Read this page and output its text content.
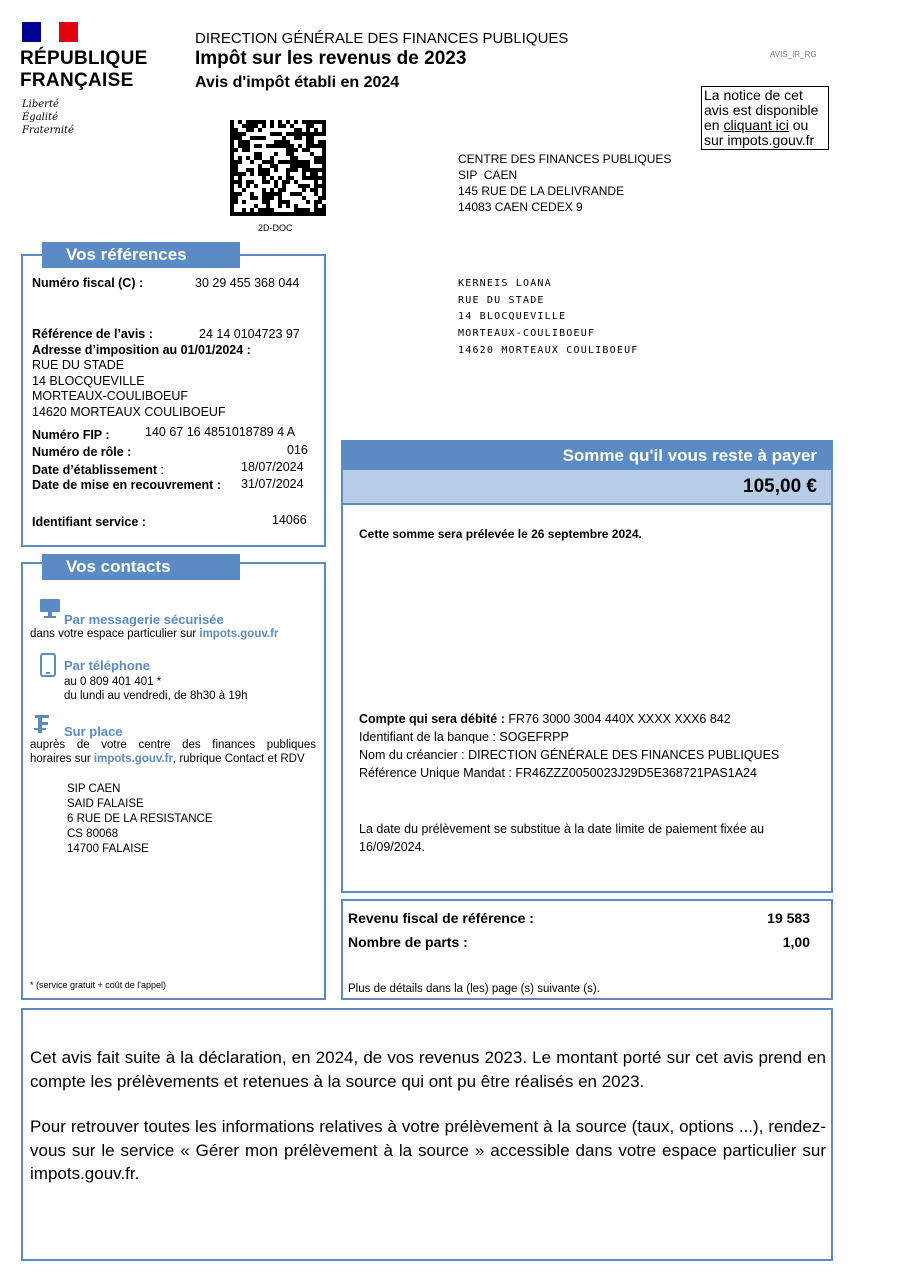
RÉPUBLIQUE
FRANÇAISE
Liberté
Égalité
Fraternité
DIRECTION GÉNÉRALE DES FINANCES PUBLIQUES
Impôt sur les revenus de 2023
Avis d'impôt établi en 2024
AVIS_IR_RG
La notice de cet
avis est disponible
en cliquant ici ou
sur impots.gouv.fr
2D-DOC
CENTRE DES FINANCES PUBLIQUES
SIP  CAEN
145 RUE DE LA DELIVRANDE
14083 CAEN CEDEX 9
KERNEIS LOANA
RUE DU STADE
14 BLOCQUEVILLE
MORTEAUX-COULIBOEUF
14620 MORTEAUX COULIBOEUF
Vos références
Numéro fiscal (C) :	30 29 455 368 044
Référence de l’avis :	24 14 0104723 97
Adresse d’imposition au 01/01/2024 :
RUE DU STADE
14 BLOCQUEVILLE
MORTEAUX-COULIBOEUF
14620 MORTEAUX COULIBOEUF
Numéro FIP :	140 67 16 4851018789 4 A
Numéro de rôle :	016
Date d’établissement :	18/07/2024
Date de mise en recouvrement : 31/07/2024
Identifiant service :	14066
Vos contacts
Par messagerie sécurisée
dans votre espace particulier sur impots.gouv.fr
Par téléphone
au 0 809 401 401 *
du lundi au vendredi, de 8h30 à 19h
Sur place
auprès de votre centre des finances publiques
horaires sur impots.gouv.fr, rubrique Contact et RDV
SIP CAEN
SAID FALAISE
6 RUE DE LA RESISTANCE
CS 80068
14700 FALAISE
* (service gratuit + coût de l'appel)
Somme qu'il vous reste à payer
105,00 €
Cette somme sera prélevée le 26 septembre 2024.
Compte qui sera débité : FR76 3000 3004 440X XXXX XXX6 842
Identifiant de la banque : SOGEFRPP
Nom du créancier : DIRECTION GÉNÉRALE DES FINANCES PUBLIQUES
Référence Unique Mandat : FR46ZZZ0050023J29D5E368721PAS1A24
La date du prélèvement se substitue à la date limite de paiement fixée au
16/09/2024.
Revenu fiscal de référence :	19 583
Nombre de parts :	1,00
Plus de détails dans la (les) page (s) suivante (s).
Cet avis fait suite à la déclaration, en 2024, de vos revenus 2023. Le montant porté sur cet avis prend en compte les prélèvements et retenues à la source qui ont pu être réalisés en 2023.
Pour retrouver toutes les informations relatives à votre prélèvement à la source (taux, options ...), rendez-vous sur le service « Gérer mon prélèvement à la source » accessible dans votre espace particulier sur impots.gouv.fr.
